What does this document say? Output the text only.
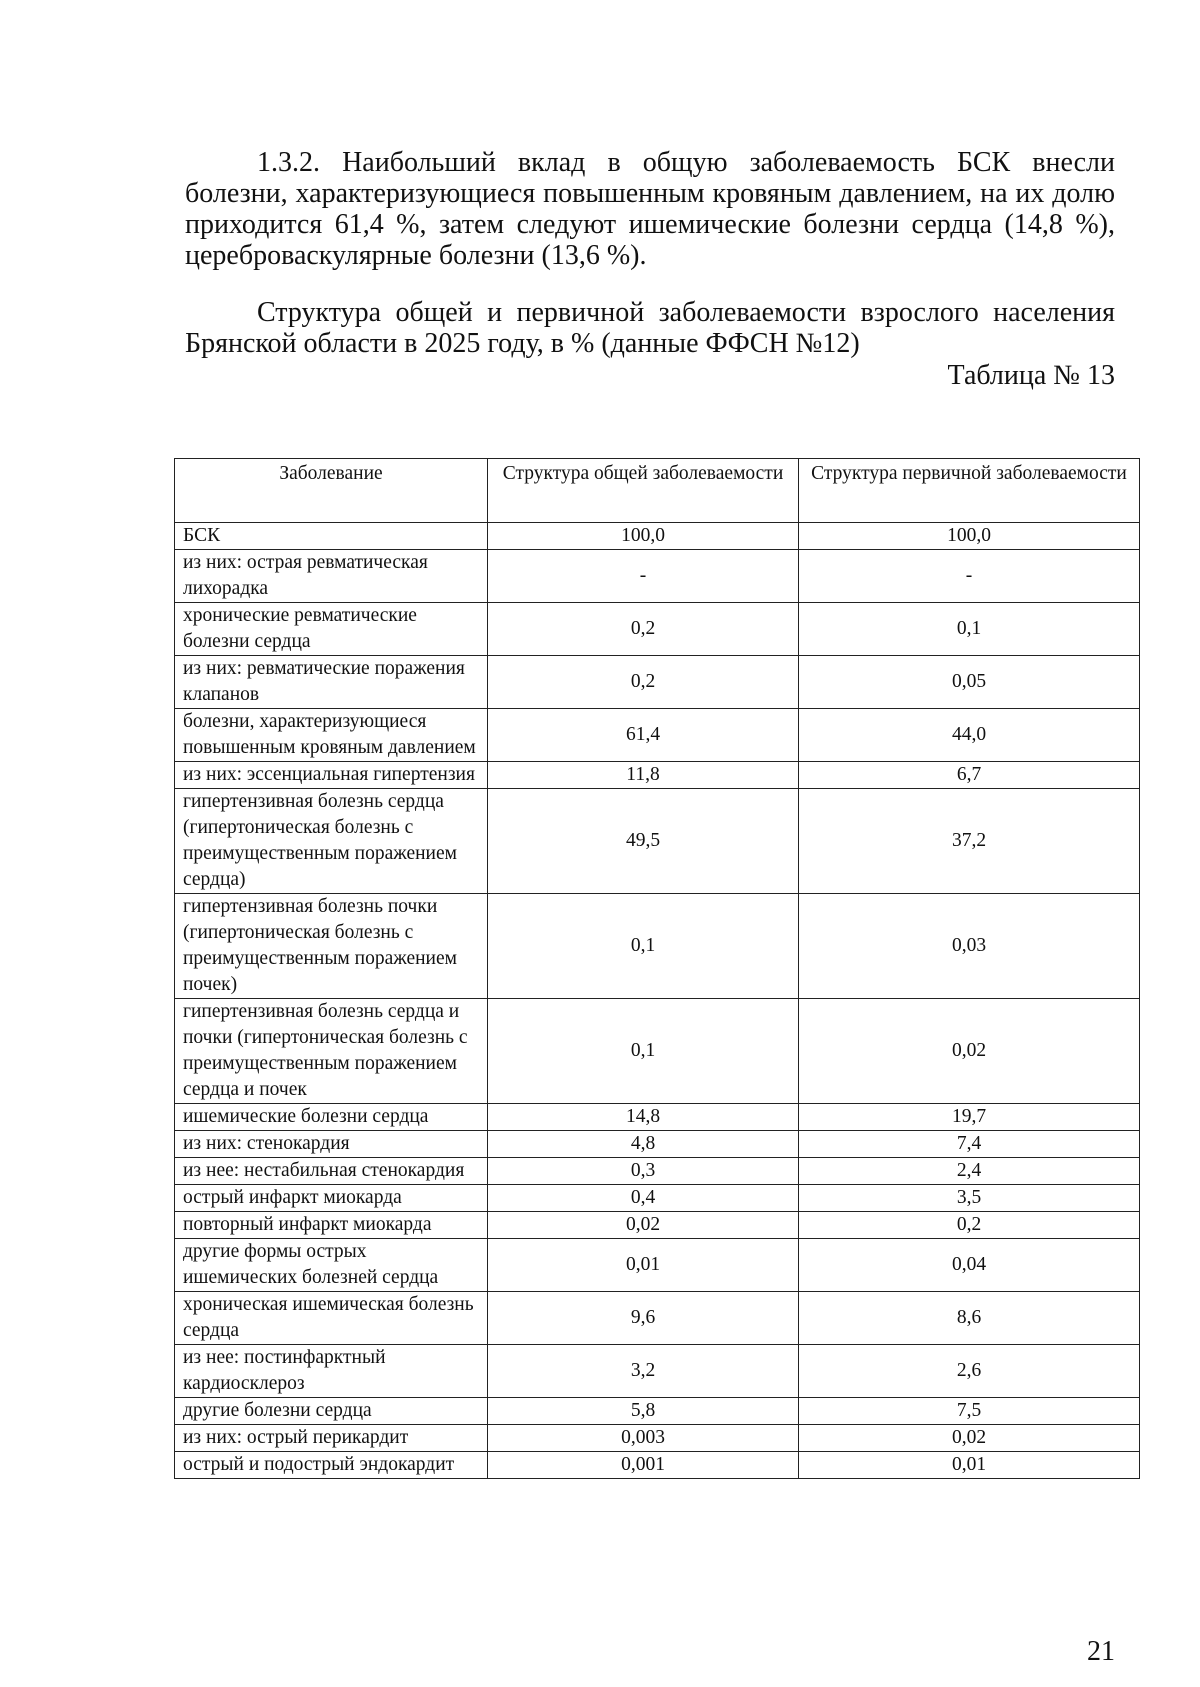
1.3.2. Наибольший вклад в общую заболеваемость БСК внесли болезни, характеризующиеся повышенным кровяным давлением, на их долю приходится 61,4 %, затем следуют ишемические болезни сердца (14,8 %), цереброваскулярные болезни (13,6 %).

Структура общей и первичной заболеваемости взрослого населения Брянской области в 2025 году, в % (данные ФФСН №12)

Таблица № 13

Заболевание	Структура общей заболеваемости	Структура первичной заболеваемости
БСК	100,0	100,0
из них: острая ревматическая лихорадка	-	-
хронические ревматические болезни сердца	0,2	0,1
из них: ревматические поражения клапанов	0,2	0,05
болезни, характеризующиеся повышенным кровяным давлением	61,4	44,0
из них: эссенциальная гипертензия	11,8	6,7
гипертензивная болезнь сердца (гипертоническая болезнь с преимущественным поражением сердца)	49,5	37,2
гипертензивная болезнь почки (гипертоническая болезнь с преимущественным поражением почек)	0,1	0,03
гипертензивная болезнь сердца и почки (гипертоническая болезнь с преимущественным поражением сердца и почек	0,1	0,02
ишемические болезни сердца	14,8	19,7
из них: стенокардия	4,8	7,4
из нее: нестабильная стенокардия	0,3	2,4
острый инфаркт миокарда	0,4	3,5
повторный инфаркт миокарда	0,02	0,2
другие формы острых ишемических болезней сердца	0,01	0,04
хроническая ишемическая болезнь сердца	9,6	8,6
из нее: постинфарктный кардиосклероз	3,2	2,6
другие болезни сердца	5,8	7,5
из них: острый перикардит	0,003	0,02
острый и подострый эндокардит	0,001	0,01

21
